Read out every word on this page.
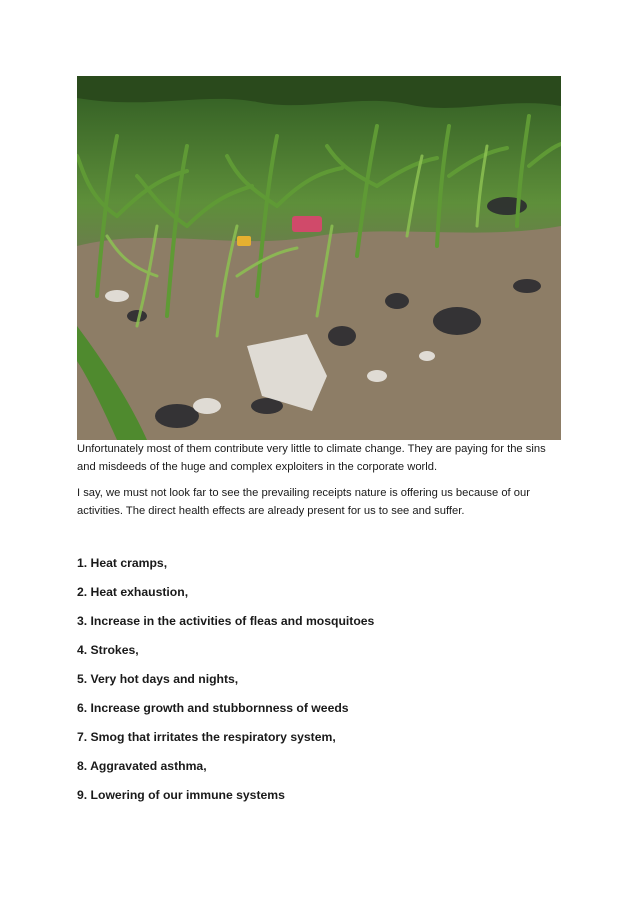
Unfortunately most of them contribute very little to climate change. They are paying for the sins and misdeeds of the huge and complex exploiters in the corporate world.

I say, we must not look far to see the prevailing receipts nature is offering us because of our activities. The direct health effects are already present for us to see and suffer.

1. Heat cramps,
2. Heat exhaustion,
3. Increase in the activities of fleas and mosquitoes
4. Strokes,
5. Very hot days and nights,
6. Increase growth and stubbornness of weeds
7. Smog that irritates the respiratory system,
8. Aggravated asthma,
9. Lowering of our immune systems
